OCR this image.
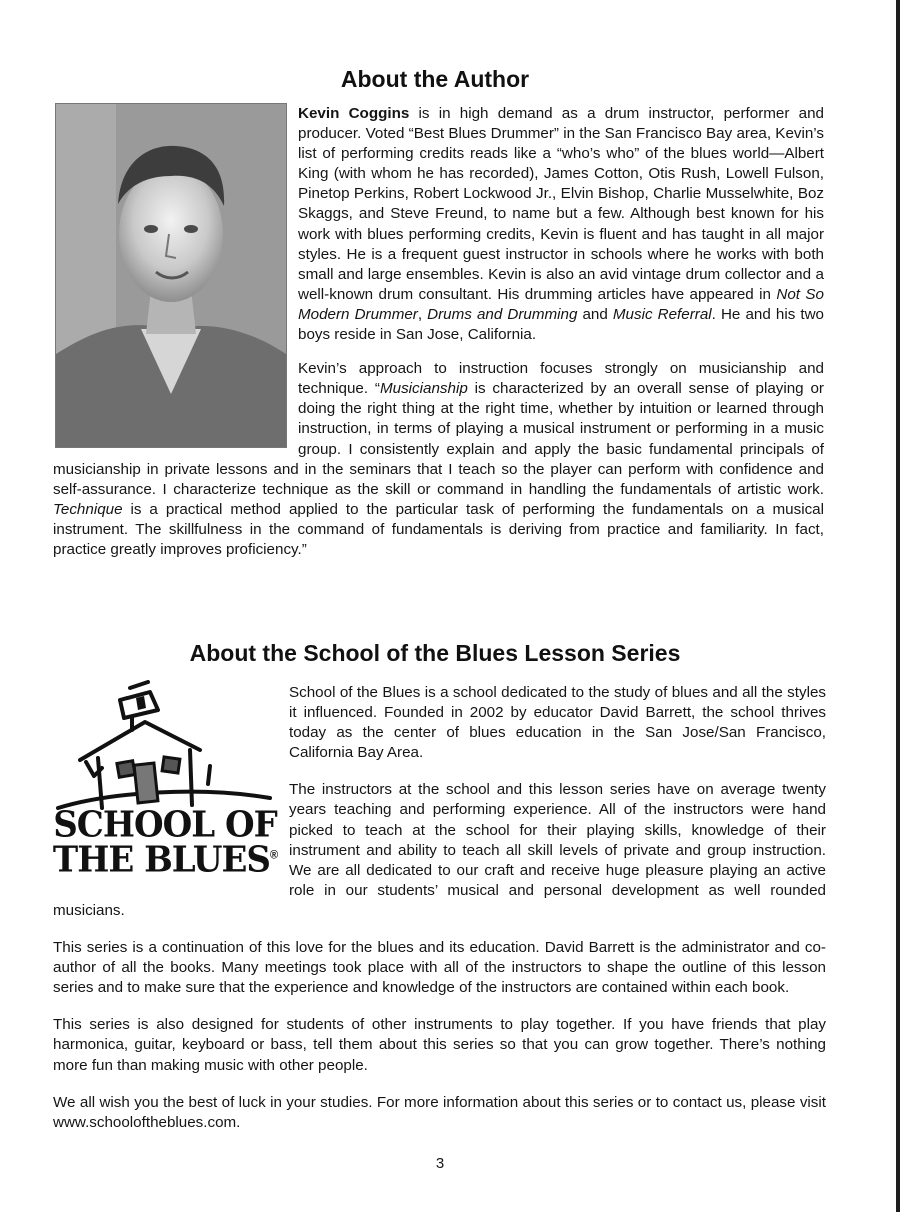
About the Author

Kevin Coggins is in high demand as a drum instructor, performer and producer. Voted “Best Blues Drummer” in the San Francisco Bay area, Kevin’s list of performing credits reads like a “who’s who” of the blues world—Albert King (with whom he has recorded), James Cotton, Otis Rush, Lowell Fulson, Pinetop Perkins, Robert Lockwood Jr., Elvin Bishop, Charlie Musselwhite, Boz Skaggs, and Steve Freund, to name but a few. Although best known for his work with blues performing credits, Kevin is fluent and has taught in all major styles. He is a frequent guest instructor in schools where he works with both small and large ensembles. Kevin is also an avid vintage drum collector and a well-known drum consultant. His drumming articles have appeared in Not So Modern Drummer, Drums and Drumming and Music Referral. He and his two boys reside in San Jose, California.

Kevin’s approach to instruction focuses strongly on musicianship and technique. “Musicianship is characterized by an overall sense of playing or doing the right thing at the right time, whether by intuition or learned through instruction, in terms of playing a musical instrument or performing in a music group. I consistently explain and apply the basic fundamental principals of musicianship in private lessons and in the seminars that I teach so the player can perform with confidence and self-assurance. I characterize technique as the skill or command in handling the fundamentals of artistic work. Technique is a practical method applied to the particular task of performing the fundamentals on a musical instrument. The skillfulness in the command of fundamentals is deriving from practice and familiarity. In fact, practice greatly improves proficiency.”

About the School of the Blues Lesson Series
SCHOOL OF
THE BLUES®

School of the Blues is a school dedicated to the study of blues and all the styles it influenced. Founded in 2002 by educator David Barrett, the school thrives today as the center of blues education in the San Jose/San Francisco, California Bay Area.

The instructors at the school and this lesson series have on average twenty years teaching and performing experience. All of the instructors were hand picked to teach at the school for their playing skills, knowledge of their instrument and ability to teach all skill levels of private and group instruction. We are all dedicated to our craft and receive huge pleasure playing an active role in our students’ musical and personal development as well rounded musicians.

This series is a continuation of this love for the blues and its education. David Barrett is the administrator and co-author of all the books. Many meetings took place with all of the instructors to shape the outline of this lesson series and to make sure that the experience and knowledge of the instructors are contained within each book.

This series is also designed for students of other instruments to play together. If you have friends that play harmonica, guitar, keyboard or bass, tell them about this series so that you can grow together. There’s nothing more fun than making music with other people.

We all wish you the best of luck in your studies. For more information about this series or to contact us, please visit www.schooloftheblues.com.

3
